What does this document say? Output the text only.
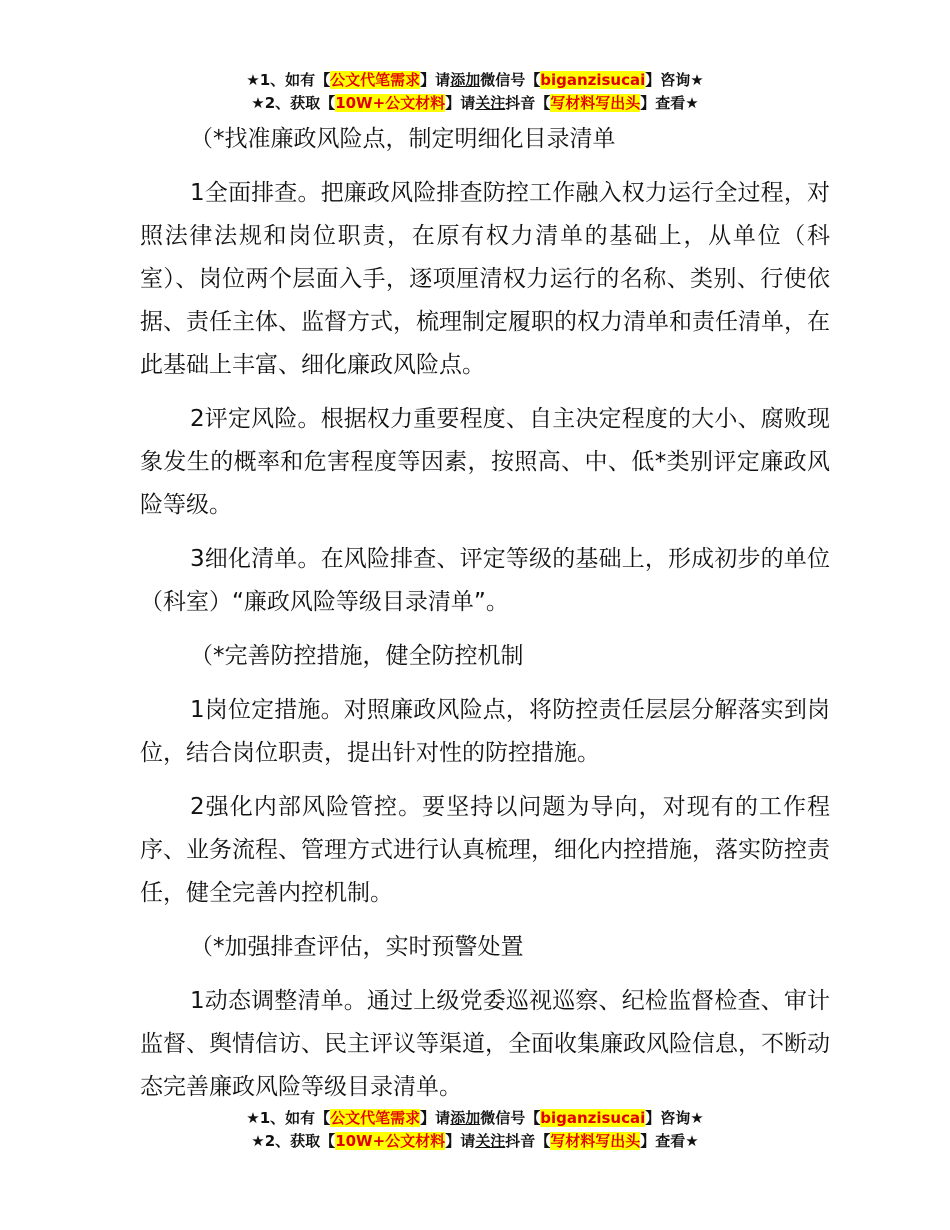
★1、如有【公文代笔需求】请添加微信号【biganzisucai】咨询★
★2、获取【10W+公文材料】请关注抖音【写材料写出头】查看★

（*找准廉政风险点，制定明细化目录清单

1全面排查。把廉政风险排查防控工作融入权力运行全过程，对照法律法规和岗位职责，在原有权力清单的基础上，从单位（科室）、岗位两个层面入手，逐项厘清权力运行的名称、类别、行使依据、责任主体、监督方式，梳理制定履职的权力清单和责任清单，在此基础上丰富、细化廉政风险点。

2评定风险。根据权力重要程度、自主决定程度的大小、腐败现象发生的概率和危害程度等因素，按照高、中、低*类别评定廉政风险等级。

3细化清单。在风险排查、评定等级的基础上，形成初步的单位（科室）“廉政风险等级目录清单”。

（*完善防控措施，健全防控机制

1岗位定措施。对照廉政风险点，将防控责任层层分解落实到岗位，结合岗位职责，提出针对性的防控措施。

2强化内部风险管控。要坚持以问题为导向，对现有的工作程序、业务流程、管理方式进行认真梳理，细化内控措施，落实防控责任，健全完善内控机制。

（*加强排查评估，实时预警处置

1动态调整清单。通过上级党委巡视巡察、纪检监督检查、审计监督、舆情信访、民主评议等渠道，全面收集廉政风险信息，不断动态完善廉政风险等级目录清单。

★1、如有【公文代笔需求】请添加微信号【biganzisucai】咨询★
★2、获取【10W+公文材料】请关注抖音【写材料写出头】查看★
